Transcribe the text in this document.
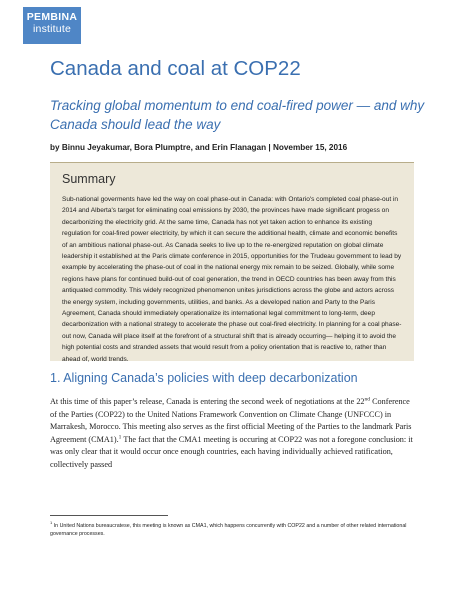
PEMBINA
institute
Canada and coal at COP22
Tracking global momentum to end coal-fired power — and why Canada should lead the way
by Binnu Jeyakumar, Bora Plumptre, and Erin Flanagan | November 15, 2016
Summary

Sub-national goverments have led the way on coal phase-out in Canada: with Ontario's completed coal phase-out in 2014 and Alberta's target for eliminating coal emissions by 2030, the provinces have made significant progess on decarbonizing the electricity grid. At the same time, Canada has not yet taken action to enhance its existing regulation for coal-fired power electricity, by which it can secure the additional health, climate and economic benefits of an ambitious national phase-out. As Canada seeks to live up to the re-energized reputation on global climate leadership it established at the Paris climate conference in 2015, opportunities for the Trudeau government to lead by example by accelerating the phase-out of coal in the national energy mix remain to be seized. Globally, while some regions have plans for continued build-out of coal generation, the trend in OECD countries has been away from this antiquated commodity. This widely recognized phenomenon unites jurisdictions across the globe and actors across the energy system, including governments, utilities, and banks. As a developed nation and Party to the Paris Agreement, Canada should immediately operationalize its international legal commitment to long-term, deep decarbonization with a national strategy to accelerate the phase out coal-fired electricity. In planning for a coal phase-out now, Canada will place itself at the forefront of a structural shift that is already occurring— helping it to avoid the high potential costs and stranded assets that would result from a policy orientation that is reactive to, rather than ahead of, world trends.

1. Aligning Canada’s policies with deep decarbonization

At this time of this paper’s release, Canada is entering the second week of negotiations at the 22nd Conference of the Parties (COP22) to the United Nations Framework Convention on Climate Change (UNFCCC) in Marrakesh, Morocco. This meeting also serves as the first official Meeting of the Parties to the landmark Paris Agreement (CMA1).$^1$ The fact that the CMA1 meeting is occuring at COP22 was not a foregone conclusion: it was only clear that it would occur once enough countries, each having individually achieved ratification, collectively passed

$^1$ In United Nations bureaucratese, this meeting is known as CMA1, which happens concurrently with COP22 and a number of other related international governance processes.
